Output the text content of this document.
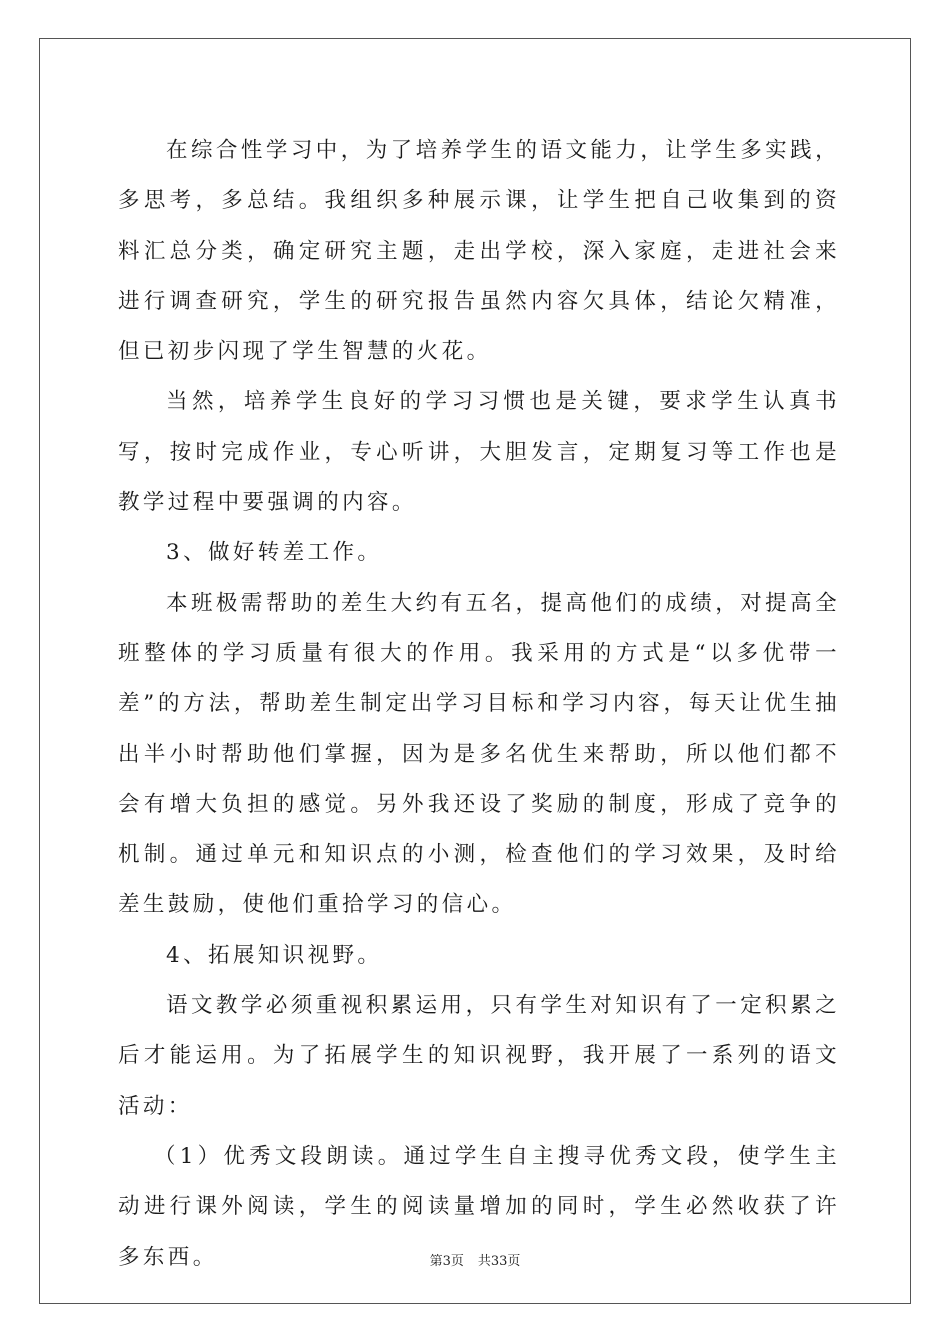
在综合性学习中，为了培养学生的语文能力，让学生多实践，多思考，多总结。我组织多种展示课，让学生把自己收集到的资料汇总分类，确定研究主题，走出学校，深入家庭，走进社会来进行调查研究，学生的研究报告虽然内容欠具体，结论欠精准，但已初步闪现了学生智慧的火花。

当然，培养学生良好的学习习惯也是关键，要求学生认真书写，按时完成作业，专心听讲，大胆发言，定期复习等工作也是教学过程中要强调的内容。

3、做好转差工作。

本班极需帮助的差生大约有五名，提高他们的成绩，对提高全班整体的学习质量有很大的作用。我采用的方式是“以多优带一差”的方法，帮助差生制定出学习目标和学习内容，每天让优生抽出半小时帮助他们掌握，因为是多名优生来帮助，所以他们都不会有增大负担的感觉。另外我还设了奖励的制度，形成了竞争的机制。通过单元和知识点的小测，检查他们的学习效果，及时给差生鼓励，使他们重拾学习的信心。

4、拓展知识视野。

语文教学必须重视积累运用，只有学生对知识有了一定积累之后才能运用。为了拓展学生的知识视野，我开展了一系列的语文活动：

（1）优秀文段朗读。通过学生自主搜寻优秀文段，使学生主动进行课外阅读，学生的阅读量增加的同时，学生必然收获了许多东西。	第3页 共33页
